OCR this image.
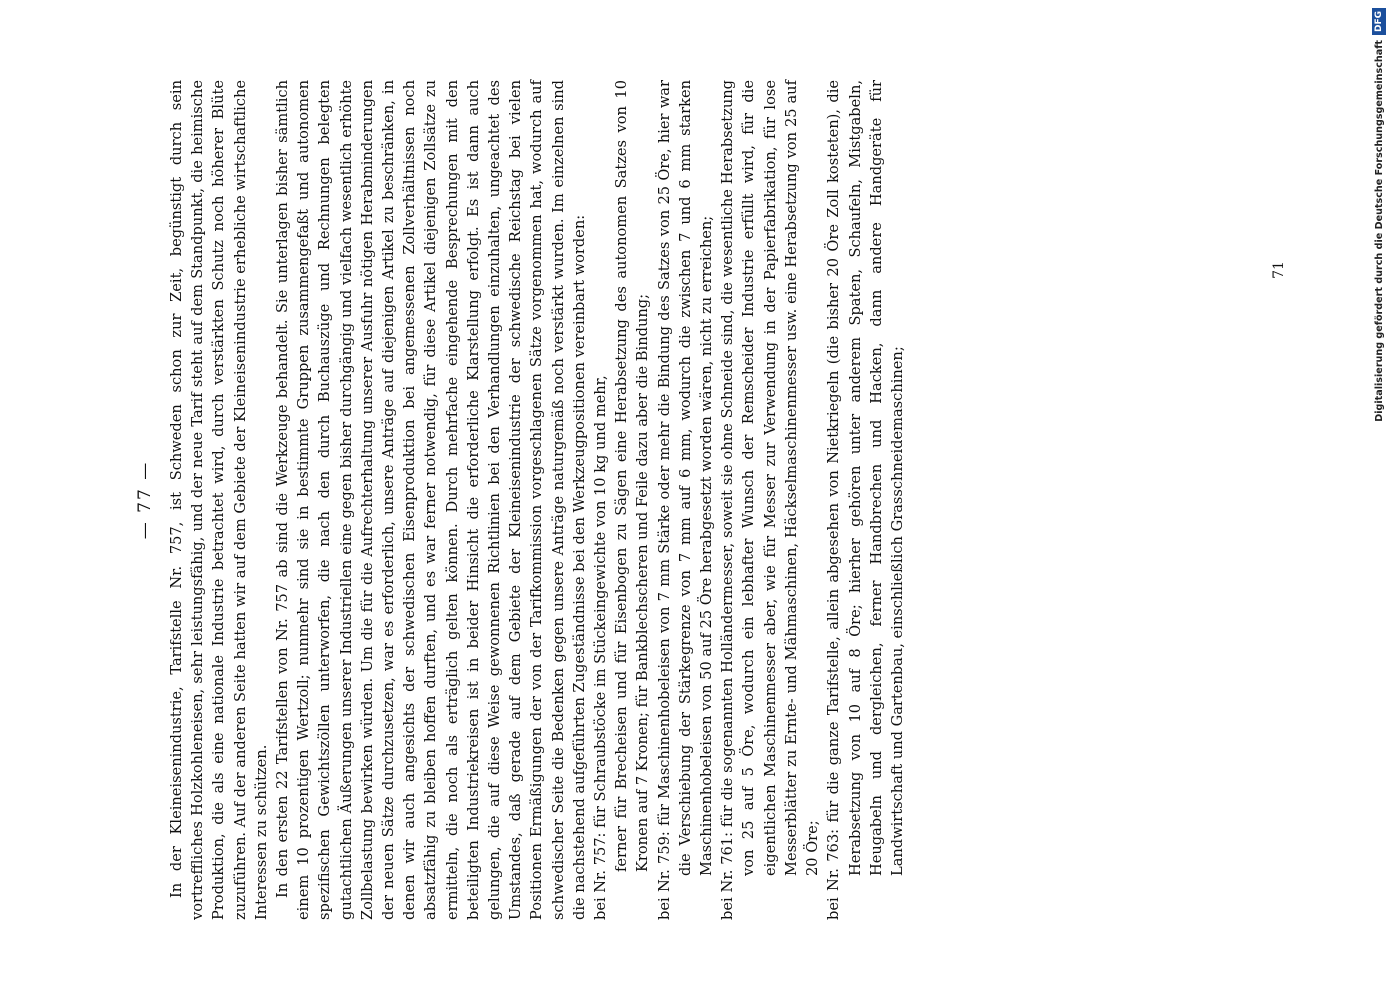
— 77 — In der Kleineisenindustrie, Tarifstelle Nr. 757, ist Schweden schon zur Zeit, begünstigt durch sein vortreffliches Holzkohleneisen, sehr leistungsfähig, und der neue Tarif steht auf dem Standpunkt, die heimische Produktion, die als eine nationale Industrie betrachtet wird, durch verstärkten Schutz noch höherer Blüte zuzuführen. Auf der anderen Seite hatten wir auf dem Gebiete der Kleineisenindustrie erhebliche wirtschaftliche Interessen zu schützen. In den ersten 22 Tarifstellen von Nr. 757 ab sind die Werkzeuge behandelt. Sie unterlagen bisher sämtlich einem 10 prozentigen Wertzoll; nunmehr sind sie in bestimmte Gruppen zusammengefaßt und autonomen spezifischen Gewichtszöllen unterworfen, die nach den durch Buchauszüge und Rechnungen belegten gutachtlichen Äußerungen unserer Industriellen eine gegen bisher durchgängig und vielfach wesentlich erhöhte Zollbelastung bewirken würden. Um die für die Aufrechterhaltung unserer Ausfuhr nötigen Herabminderungen der neuen Sätze durchzusetzen, war es erforderlich, unsere Anträge auf diejenigen Artikel zu beschränken, in denen wir auch angesichts der schwedischen Eisenproduktion bei angemessenen Zollverhältnissen noch absatzfähig zu bleiben hoffen durften, und es war ferner notwendig, für diese Artikel diejenigen Zollsätze zu ermitteln, die noch als erträglich gelten können. Durch mehrfache eingehende Besprechungen mit den beteiligten Industriekreisen ist in beider Hinsicht die erforderliche Klarstellung erfolgt. Es ist dann auch gelungen, die auf diese Weise gewonnenen Richtlinien bei den Verhandlungen einzuhalten, ungeachtet des Umstandes, daß gerade auf dem Gebiete der Kleineisenindustrie der schwedische Reichstag bei vielen Positionen Ermäßigungen der von der Tarifkommission vorgeschlagenen Sätze vorgenommen hat, wodurch auf schwedischer Seite die Bedenken gegen unsere Anträge naturgemäß noch verstärkt wurden. Im einzelnen sind die nachstehend aufgeführten Zugeständnisse bei den Werkzeugpositionen vereinbart worden: bei Nr. 757: für Schraubstöcke im Stückeingewichte von 10 kg und mehr, ferner für Brecheisen und für Eisenbogen zu Sägen eine Herabsetzung des autonomen Satzes von 10 Kronen auf 7 Kronen; für Bankblechscheren und Feile dazu aber die Bindung; bei Nr. 759: für Maschinenhobeleisen von 7 mm Stärke oder mehr die Bindung des Satzes von 25 Öre, hier war die Verschiebung der Stärkegrenze von 7 mm auf 6 mm, wodurch die zwischen 7 und 6 mm starken Maschinenhobeleisen von 50 auf 25 Öre herabgesetzt worden wären, nicht zu erreichen; bei Nr. 761: für die sogenannten Holländermesser, soweit sie ohne Schneide sind, die wesentliche Herabsetzung von 25 auf 5 Öre, wodurch ein lebhafter Wunsch der Remscheider Industrie erfüllt wird, für die eigentlichen Maschinenmesser aber, wie für Messer zur Verwendung in der Papierfabrikation, für lose Messerblätter zu Ernte- und Mähmaschinen, Häckselmaschinenmesser usw. eine Herabsetzung von 25 auf 20 Öre; bei Nr. 763: für die ganze Tarifstelle, allein abgesehen von Nietkriegeln (die bisher 20 Öre Zoll kosteten), die Herabsetzung von 10 auf 8 Öre; hierher gehören unter anderem Spaten, Schaufeln, Mistgabeln, Heugabeln und dergleichen, ferner Handbrechen und Hacken, dann andere Handgeräte für Landwirtschaft und Gartenbau, einschließlich Grasschneidemaschinen;

71	Digitalisierung gefördert durch die Deutsche Forschungsgemeinschaft
DFG
